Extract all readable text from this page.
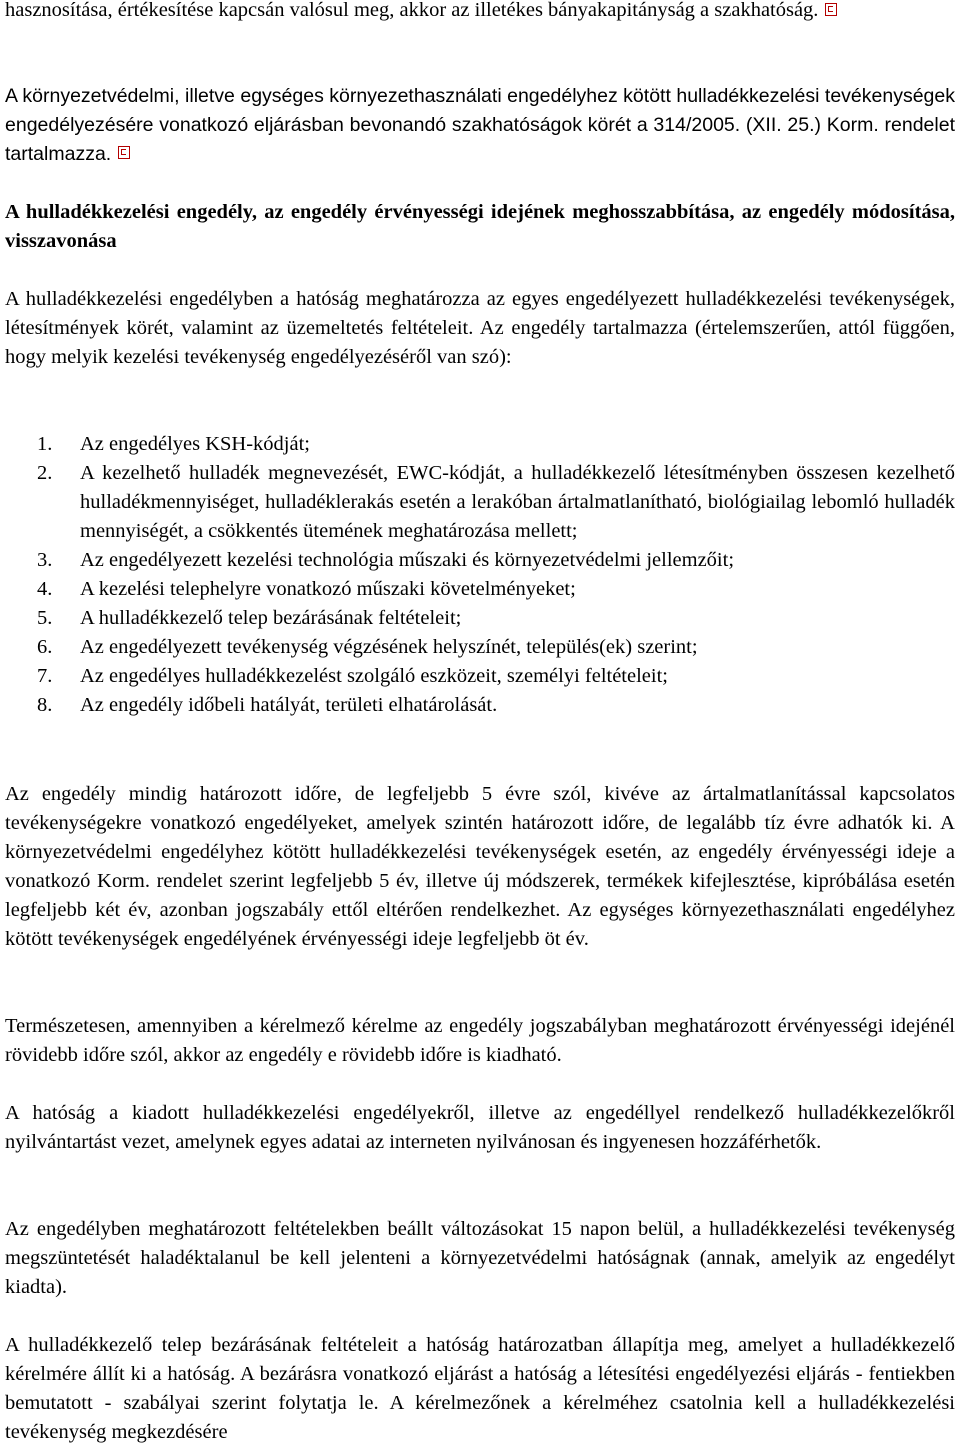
hasznosítása, értékesítése kapcsán valósul meg, akkor az illetékes bányakapitányság a szakhatóság.

A környezetvédelmi, illetve egységes környezethasználati engedélyhez kötött hulladékkezelési tevékenységek engedélyezésére vonatkozó eljárásban bevonandó szakhatóságok körét a 314/2005. (XII. 25.) Korm. rendelet tartalmazza.

A hulladékkezelési engedély, az engedély érvényességi idejének meghosszabbítása, az engedély módosítása, visszavonása

A hulladékkezelési engedélyben a hatóság meghatározza az egyes engedélyezett hulladékkezelési tevékenységek, létesítmények körét, valamint az üzemeltetés feltételeit. Az engedély tartalmazza (értelemszerűen, attól függően, hogy melyik kezelési tevékenység engedélyezéséről van szó):

1. Az engedélyes KSH-kódját;
2. A kezelhető hulladék megnevezését, EWC-kódját, a hulladékkezelő létesítményben összesen kezelhető hulladékmennyiséget, hulladéklerakás esetén a lerakóban ártalmatlanítható, biológiailag lebomló hulladék mennyiségét, a csökkentés ütemének meghatározása mellett;
3. Az engedélyezett kezelési technológia műszaki és környezetvédelmi jellemzőit;
4. A kezelési telephelyre vonatkozó műszaki követelményeket;
5. A hulladékkezelő telep bezárásának feltételeit;
6. Az engedélyezett tevékenység végzésének helyszínét, település(ek) szerint;
7. Az engedélyes hulladékkezelést szolgáló eszközeit, személyi feltételeit;
8. Az engedély időbeli hatályát, területi elhatárolását.

Az engedély mindig határozott időre, de legfeljebb 5 évre szól, kivéve az ártalmatlanítással kapcsolatos tevékenységekre vonatkozó engedélyeket, amelyek szintén határozott időre, de legalább tíz évre adhatók ki. A környezetvédelmi engedélyhez kötött hulladékkezelési tevékenységek esetén, az engedély érvényességi ideje a vonatkozó Korm. rendelet szerint legfeljebb 5 év, illetve új módszerek, termékek kifejlesztése, kipróbálása esetén legfeljebb két év, azonban jogszabály ettől eltérően rendelkezhet. Az egységes környezethasználati engedélyhez kötött tevékenységek engedélyének érvényességi ideje legfeljebb öt év.

Természetesen, amennyiben a kérelmező kérelme az engedély jogszabályban meghatározott érvényességi idejénél rövidebb időre szól, akkor az engedély e rövidebb időre is kiadható.

A hatóság a kiadott hulladékkezelési engedélyekről, illetve az engedéllyel rendelkező hulladékkezelőkről nyilvántartást vezet, amelynek egyes adatai az interneten nyilvánosan és ingyenesen hozzáférhetők.

Az engedélyben meghatározott feltételekben beállt változásokat 15 napon belül, a hulladékkezelési tevékenység megszüntetését haladéktalanul be kell jelenteni a környezetvédelmi hatóságnak (annak, amelyik az engedélyt kiadta).

A hulladékkezelő telep bezárásának feltételeit a hatóság határozatban állapítja meg, amelyet a hulladékkezelő kérelmére állít ki a hatóság. A bezárásra vonatkozó eljárást a hatóság a létesítési engedélyezési eljárás - fentiekben bemutatott - szabályai szerint folytatja le. A kérelmezőnek a kérelméhez csatolnia kell a hulladékkezelési tevékenység megkezdésére
